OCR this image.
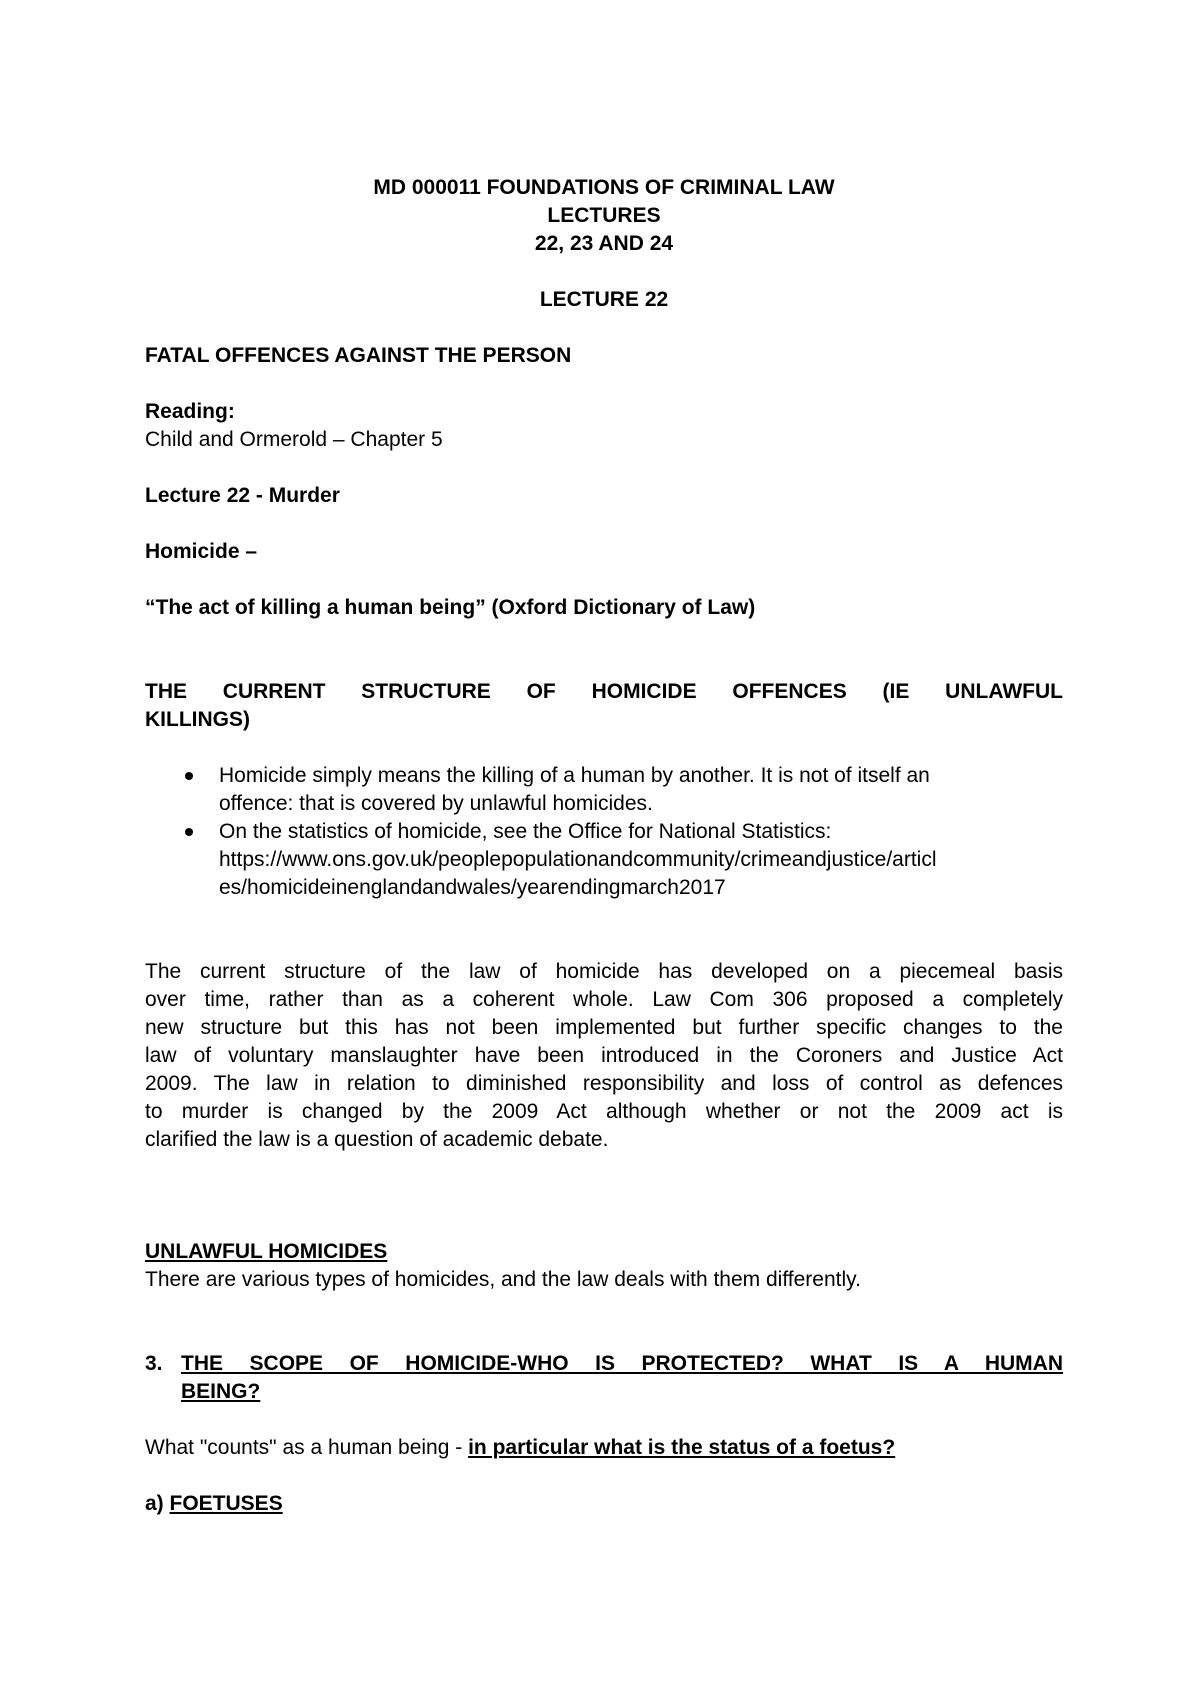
MD 000011 FOUNDATIONS OF CRIMINAL LAW
LECTURES
22, 23 AND 24
LECTURE 22
FATAL OFFENCES AGAINST THE PERSON
Reading:
Child and Ormerold – Chapter 5
Lecture 22 - Murder
Homicide –
“The act of killing a human being” (Oxford Dictionary of Law)
THE CURRENT STRUCTURE OF HOMICIDE OFFENCES (IE UNLAWFUL
KILLINGS)
Homicide simply means the killing of a human by another. It is not of itself an
offence: that is covered by unlawful homicides.
On the statistics of homicide, see the Office for National Statistics:
https://www.ons.gov.uk/peoplepopulationandcommunity/crimeandjustice/articl
es/homicideinenglandandwales/yearendingmarch2017
The current structure of the law of homicide has developed on a piecemeal basis
over time, rather than as a coherent whole. Law Com 306 proposed a completely
new structure but this has not been implemented but further specific changes to the
law of voluntary manslaughter have been introduced in the Coroners and Justice Act
2009. The law in relation to diminished responsibility and loss of control as defences
to murder is changed by the 2009 Act although whether or not the 2009 act is
clarified the law is a question of academic debate.
UNLAWFUL HOMICIDES
There are various types of homicides, and the law deals with them differently.
3. THE SCOPE OF HOMICIDE-WHO IS PROTECTED? WHAT IS A HUMAN
BEING?
What "counts" as a human being - in particular what is the status of a foetus?
a) FOETUSES
